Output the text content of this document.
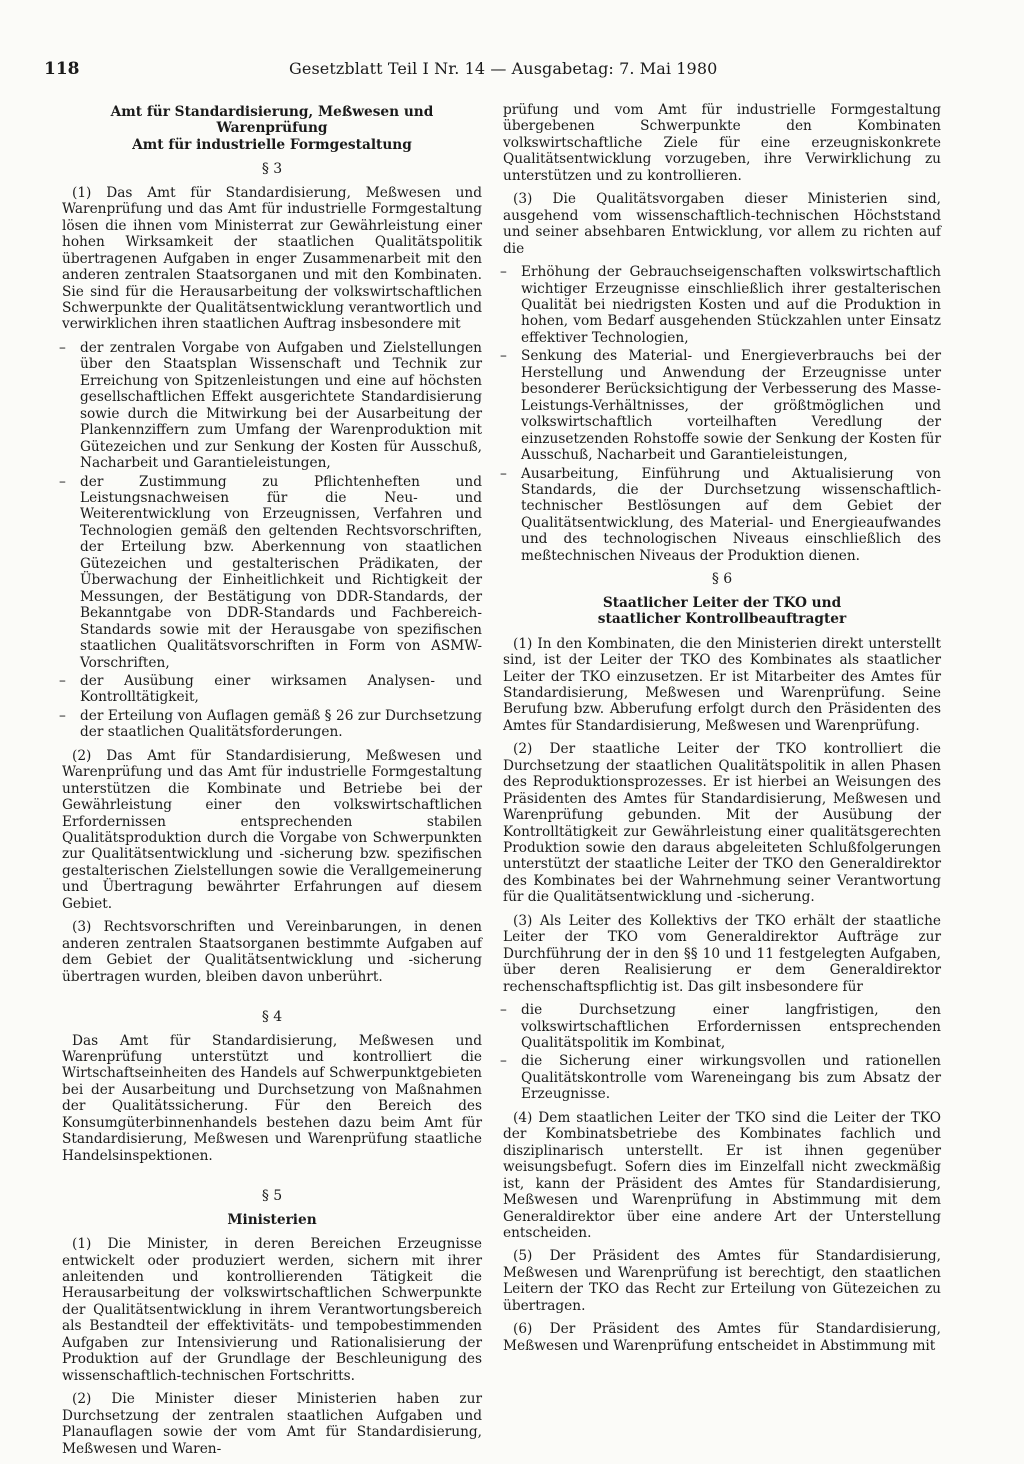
118	Gesetzblatt Teil I Nr. 14 — Ausgabetag: 7. Mai 1980
Amt für Standardisierung, Meßwesen und Warenprüfung
Amt für industrielle Formgestaltung
§ 3

(1) Das Amt für Standardisierung, Meßwesen und Warenprüfung und das Amt für industrielle Formgestaltung lösen die ihnen vom Ministerrat zur Gewährleistung einer hohen Wirksamkeit der staatlichen Qualitätspolitik übertragenen Aufgaben in enger Zusammenarbeit mit den anderen zentralen Staatsorganen und mit den Kombinaten. Sie sind für die Herausarbeitung der volkswirtschaftlichen Schwerpunkte der Qualitätsentwicklung verantwortlich und verwirklichen ihren staatlichen Auftrag insbesondere mit

– der zentralen Vorgabe von Aufgaben und Zielstellungen über den Staatsplan Wissenschaft und Technik zur Erreichung von Spitzenleistungen und eine auf höchsten gesellschaftlichen Effekt ausgerichtete Standardisierung sowie durch die Mitwirkung bei der Ausarbeitung der Plankennziffern zum Umfang der Warenproduktion mit Gütezeichen und zur Senkung der Kosten für Ausschuß, Nacharbeit und Garantieleistungen,
– der Zustimmung zu Pflichtenheften und Leistungsnachweisen für die Neu- und Weiterentwicklung von Erzeugnissen, Verfahren und Technologien gemäß den geltenden Rechtsvorschriften, der Erteilung bzw. Aberkennung von staatlichen Gütezeichen und gestalterischen Prädikaten, der Überwachung der Einheitlichkeit und Richtigkeit der Messungen, der Bestätigung von DDR-Standards, der Bekanntgabe von DDR-Standards und Fachbereich-Standards sowie mit der Herausgabe von spezifischen staatlichen Qualitätsvorschriften in Form von ASMW-Vorschriften,
– der Ausübung einer wirksamen Analysen- und Kontrolltätigkeit,
– der Erteilung von Auflagen gemäß § 26 zur Durchsetzung der staatlichen Qualitätsforderungen.

(2) Das Amt für Standardisierung, Meßwesen und Warenprüfung und das Amt für industrielle Formgestaltung unterstützen die Kombinate und Betriebe bei der Gewährleistung einer den volkswirtschaftlichen Erfordernissen entsprechenden stabilen Qualitätsproduktion durch die Vorgabe von Schwerpunkten zur Qualitätsentwicklung und -sicherung bzw. spezifischen gestalterischen Zielstellungen sowie die Verallgemeinerung und Übertragung bewährter Erfahrungen auf diesem Gebiet.

(3) Rechtsvorschriften und Vereinbarungen, in denen anderen zentralen Staatsorganen bestimmte Aufgaben auf dem Gebiet der Qualitätsentwicklung und -sicherung übertragen wurden, bleiben davon unberührt.

§ 4

Das Amt für Standardisierung, Meßwesen und Warenprüfung unterstützt und kontrolliert die Wirtschaftseinheiten des Handels auf Schwerpunktgebieten bei der Ausarbeitung und Durchsetzung von Maßnahmen der Qualitätssicherung. Für den Bereich des Konsumgüterbinnenhandels bestehen dazu beim Amt für Standardisierung, Meßwesen und Warenprüfung staatliche Handelsinspektionen.

§ 5
Ministerien

(1) Die Minister, in deren Bereichen Erzeugnisse entwickelt oder produziert werden, sichern mit ihrer anleitenden und kontrollierenden Tätigkeit die Herausarbeitung der volkswirtschaftlichen Schwerpunkte der Qualitätsentwicklung in ihrem Verantwortungsbereich als Bestandteil der effektivitäts- und tempobestimmenden Aufgaben zur Intensivierung und Rationalisierung der Produktion auf der Grundlage der Beschleunigung des wissenschaftlich-technischen Fortschritts.

(2) Die Minister dieser Ministerien haben zur Durchsetzung der zentralen staatlichen Aufgaben und Planauflagen sowie der vom Amt für Standardisierung, Meßwesen und Waren-

prüfung und vom Amt für industrielle Formgestaltung übergebenen Schwerpunkte den Kombinaten volkswirtschaftliche Ziele für eine erzeugniskonkrete Qualitätsentwicklung vorzugeben, ihre Verwirklichung zu unterstützen und zu kontrollieren.

(3) Die Qualitätsvorgaben dieser Ministerien sind, ausgehend vom wissenschaftlich-technischen Höchststand und seiner absehbaren Entwicklung, vor allem zu richten auf die

– Erhöhung der Gebrauchseigenschaften volkswirtschaftlich wichtiger Erzeugnisse einschließlich ihrer gestalterischen Qualität bei niedrigsten Kosten und auf die Produktion in hohen, vom Bedarf ausgehenden Stückzahlen unter Einsatz effektiver Technologien,
– Senkung des Material- und Energieverbrauchs bei der Herstellung und Anwendung der Erzeugnisse unter besonderer Berücksichtigung der Verbesserung des Masse-Leistungs-Verhältnisses, der größtmöglichen und volkswirtschaftlich vorteilhaften Veredlung der einzusetzenden Rohstoffe sowie der Senkung der Kosten für Ausschuß, Nacharbeit und Garantieleistungen,
– Ausarbeitung, Einführung und Aktualisierung von Standards, die der Durchsetzung wissenschaftlich-technischer Bestlösungen auf dem Gebiet der Qualitätsentwicklung, des Material- und Energieaufwandes und des technologischen Niveaus einschließlich des meßtechnischen Niveaus der Produktion dienen.
§ 6
Staatlicher Leiter der TKO und
staatlicher Kontrollbeauftragter

(1) In den Kombinaten, die den Ministerien direkt unterstellt sind, ist der Leiter der TKO des Kombinates als staatlicher Leiter der TKO einzusetzen. Er ist Mitarbeiter des Amtes für Standardisierung, Meßwesen und Warenprüfung. Seine Berufung bzw. Abberufung erfolgt durch den Präsidenten des Amtes für Standardisierung, Meßwesen und Warenprüfung.

(2) Der staatliche Leiter der TKO kontrolliert die Durchsetzung der staatlichen Qualitätspolitik in allen Phasen des Reproduktionsprozesses. Er ist hierbei an Weisungen des Präsidenten des Amtes für Standardisierung, Meßwesen und Warenprüfung gebunden. Mit der Ausübung der Kontrolltätigkeit zur Gewährleistung einer qualitätsgerechten Produktion sowie den daraus abgeleiteten Schlußfolgerungen unterstützt der staatliche Leiter der TKO den Generaldirektor des Kombinates bei der Wahrnehmung seiner Verantwortung für die Qualitätsentwicklung und -sicherung.

(3) Als Leiter des Kollektivs der TKO erhält der staatliche Leiter der TKO vom Generaldirektor Aufträge zur Durchführung der in den §§ 10 und 11 festgelegten Aufgaben, über deren Realisierung er dem Generaldirektor rechenschaftspflichtig ist. Das gilt insbesondere für

– die Durchsetzung einer langfristigen, den volkswirtschaftlichen Erfordernissen entsprechenden Qualitätspolitik im Kombinat,
– die Sicherung einer wirkungsvollen und rationellen Qualitätskontrolle vom Wareneingang bis zum Absatz der Erzeugnisse.

(4) Dem staatlichen Leiter der TKO sind die Leiter der TKO der Kombinatsbetriebe des Kombinates fachlich und disziplinarisch unterstellt. Er ist ihnen gegenüber weisungsbefugt. Sofern dies im Einzelfall nicht zweckmäßig ist, kann der Präsident des Amtes für Standardisierung, Meßwesen und Warenprüfung in Abstimmung mit dem Generaldirektor über eine andere Art der Unterstellung entscheiden.

(5) Der Präsident des Amtes für Standardisierung, Meßwesen und Warenprüfung ist berechtigt, den staatlichen Leitern der TKO das Recht zur Erteilung von Gütezeichen zu übertragen.

(6) Der Präsident des Amtes für Standardisierung, Meßwesen und Warenprüfung entscheidet in Abstimmung mit
